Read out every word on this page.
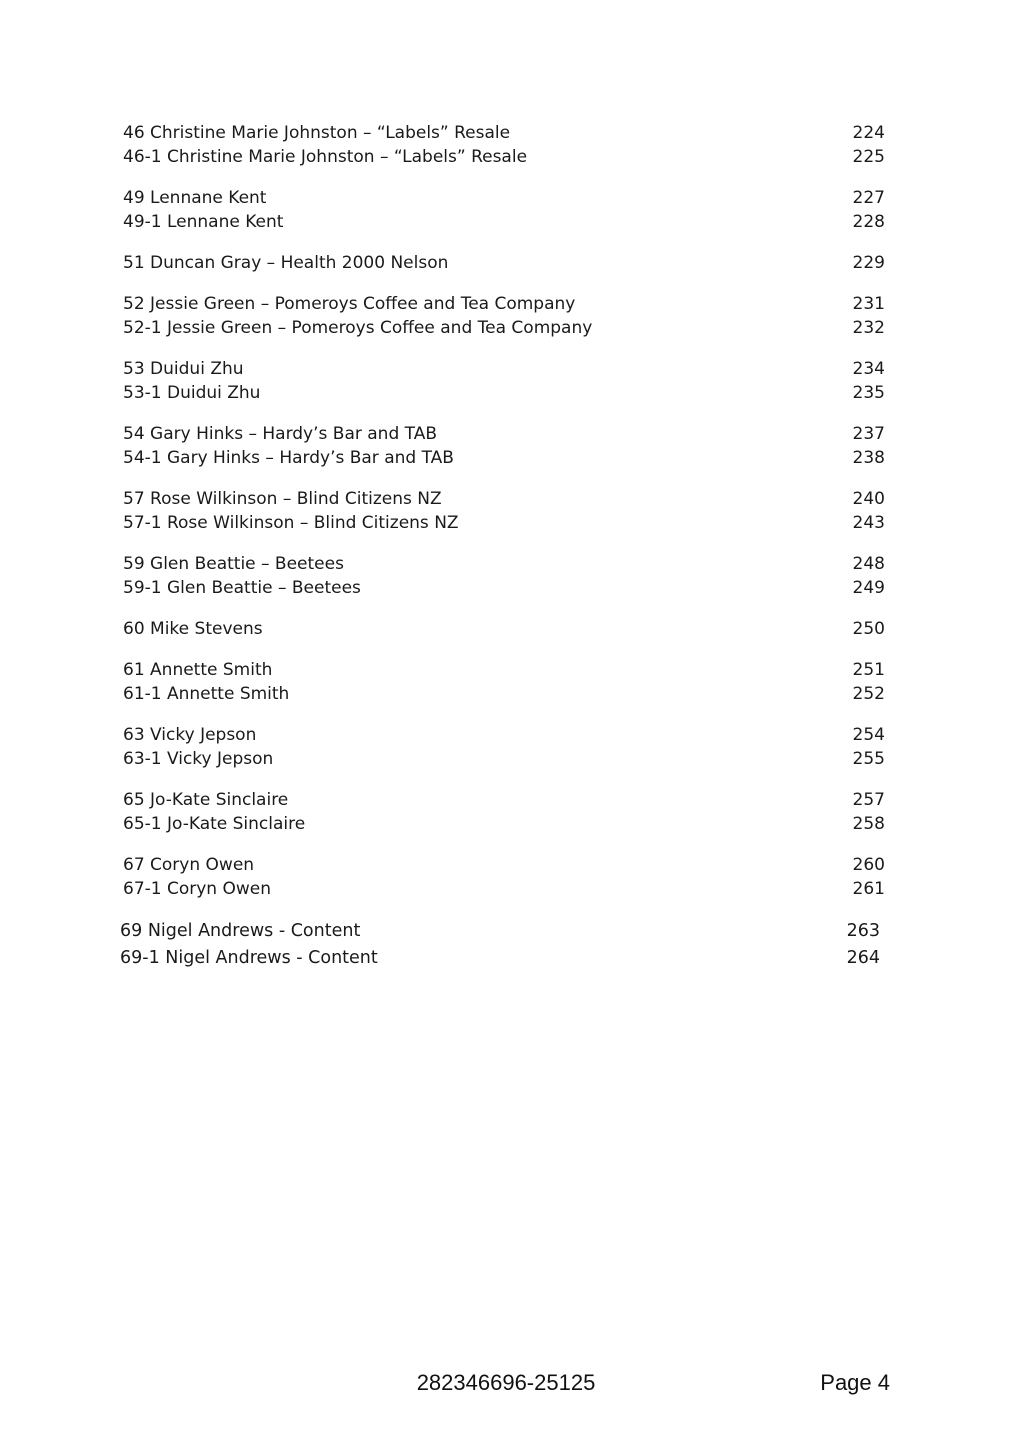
46 Christine Marie Johnston – “Labels” Resale	224
46-1 Christine Marie Johnston – “Labels” Resale	225
49 Lennane Kent	227
49-1 Lennane Kent	228
51 Duncan Gray – Health 2000 Nelson	229
52 Jessie Green – Pomeroys Coffee and Tea Company	231
52-1 Jessie Green – Pomeroys Coffee and Tea Company	232
53 Duidui Zhu	234
53-1 Duidui Zhu	235
54 Gary Hinks – Hardy’s Bar and TAB	237
54-1 Gary Hinks – Hardy’s Bar and TAB	238
57 Rose Wilkinson – Blind Citizens NZ	240
57-1 Rose Wilkinson – Blind Citizens NZ	243
59 Glen Beattie – Beetees	248
59-1 Glen Beattie – Beetees	249
60 Mike Stevens	250
61 Annette Smith	251
61-1 Annette Smith	252
63 Vicky Jepson	254
63-1 Vicky Jepson	255
65 Jo-Kate Sinclaire	257
65-1 Jo-Kate Sinclaire	258
67 Coryn Owen	260
67-1 Coryn Owen	261
69 Nigel Andrews - Content	263
69-1 Nigel Andrews - Content	264
282346696-25125	Page 4
